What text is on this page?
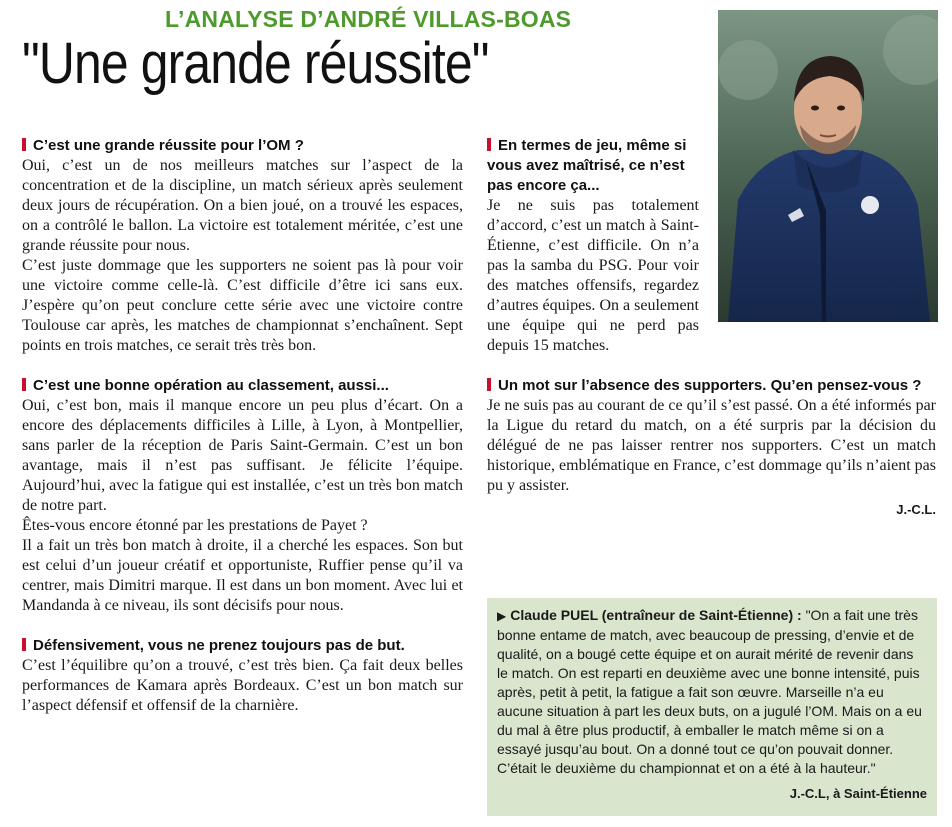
L’ANALYSE D’ANDRÉ VILLAS-BOAS
"Une grande réussite"
C’est une grande réussite pour l’OM ?

Oui, c’est un de nos meilleurs matches sur l’aspect de la concentration et de la discipline, un match sérieux après seulement deux jours de récupération. On a bien joué, on a trouvé les espaces, on a contrôlé le ballon. La victoire est totalement méritée, c’est une grande réussite pour nous.

C’est juste dommage que les supporters ne soient pas là pour voir une victoire comme celle-là. C’est difficile d’être ici sans eux. J’espère qu’on peut conclure cette série avec une victoire contre Toulouse car après, les matches de championnat s’enchaînent. Sept points en trois matches, ce serait très très bon.

C’est une bonne opération au classement, aussi...

Oui, c’est bon, mais il manque encore un peu plus d’écart. On a encore des déplacements difficiles à Lille, à Lyon, à Montpellier, sans parler de la réception de Paris Saint-Germain. C’est un bon avantage, mais il n’est pas suffisant. Je félicite l’équipe. Aujourd’hui, avec la fatigue qui est installée, c’est un très bon match de notre part.

Êtes-vous encore étonné par les prestations de Payet ?

Il a fait un très bon match à droite, il a cherché les espaces. Son but est celui d’un joueur créatif et opportuniste, Ruffier pense qu’il va centrer, mais Dimitri marque. Il est dans un bon moment. Avec lui et Mandanda à ce niveau, ils sont décisifs pour nous.

Défensivement, vous ne prenez toujours pas de but.

C’est l’équilibre qu’on a trouvé, c’est très bien. Ça fait deux belles performances de Kamara après Bordeaux. C’est un bon match sur l’aspect défensif et offensif de la charnière.

En termes de jeu, même si vous avez maîtrisé, ce n’est pas encore ça...

Je ne suis pas totalement d’accord, c’est un match à Saint-Étienne, c’est difficile. On n’a pas la samba du PSG. Pour voir des matches offensifs, regardez d’autres équipes. On a seulement une équipe qui ne perd pas depuis 15 matches.

Un mot sur l’absence des supporters. Qu’en pensez-vous ?

Je ne suis pas au courant de ce qu’il s’est passé. On a été informés par la Ligue du retard du match, on a été surpris par la décision du délégué de ne pas laisser rentrer nos supporters. C’est un match historique, emblématique en France, c’est dommage qu’ils n’aient pas pu y assister.

J.-C.L.
▶ Claude PUEL (entraîneur de Saint-Étienne) : "On a fait une très bonne entame de match, avec beaucoup de pressing, d’envie et de qualité, on a bougé cette équipe et on aurait mérité de revenir dans le match. On est reparti en deuxième avec une bonne intensité, puis après, petit à petit, la fatigue a fait son œuvre. Marseille n’a eu aucune situation à part les deux buts, on a jugulé l’OM. Mais on a eu du mal à être plus productif, à emballer le match même si on a essayé jusqu’au bout. On a donné tout ce qu’on pouvait donner. C’était le deuxième du championnat et on a été à la hauteur."
J.-C.L, à Saint-Étienne
